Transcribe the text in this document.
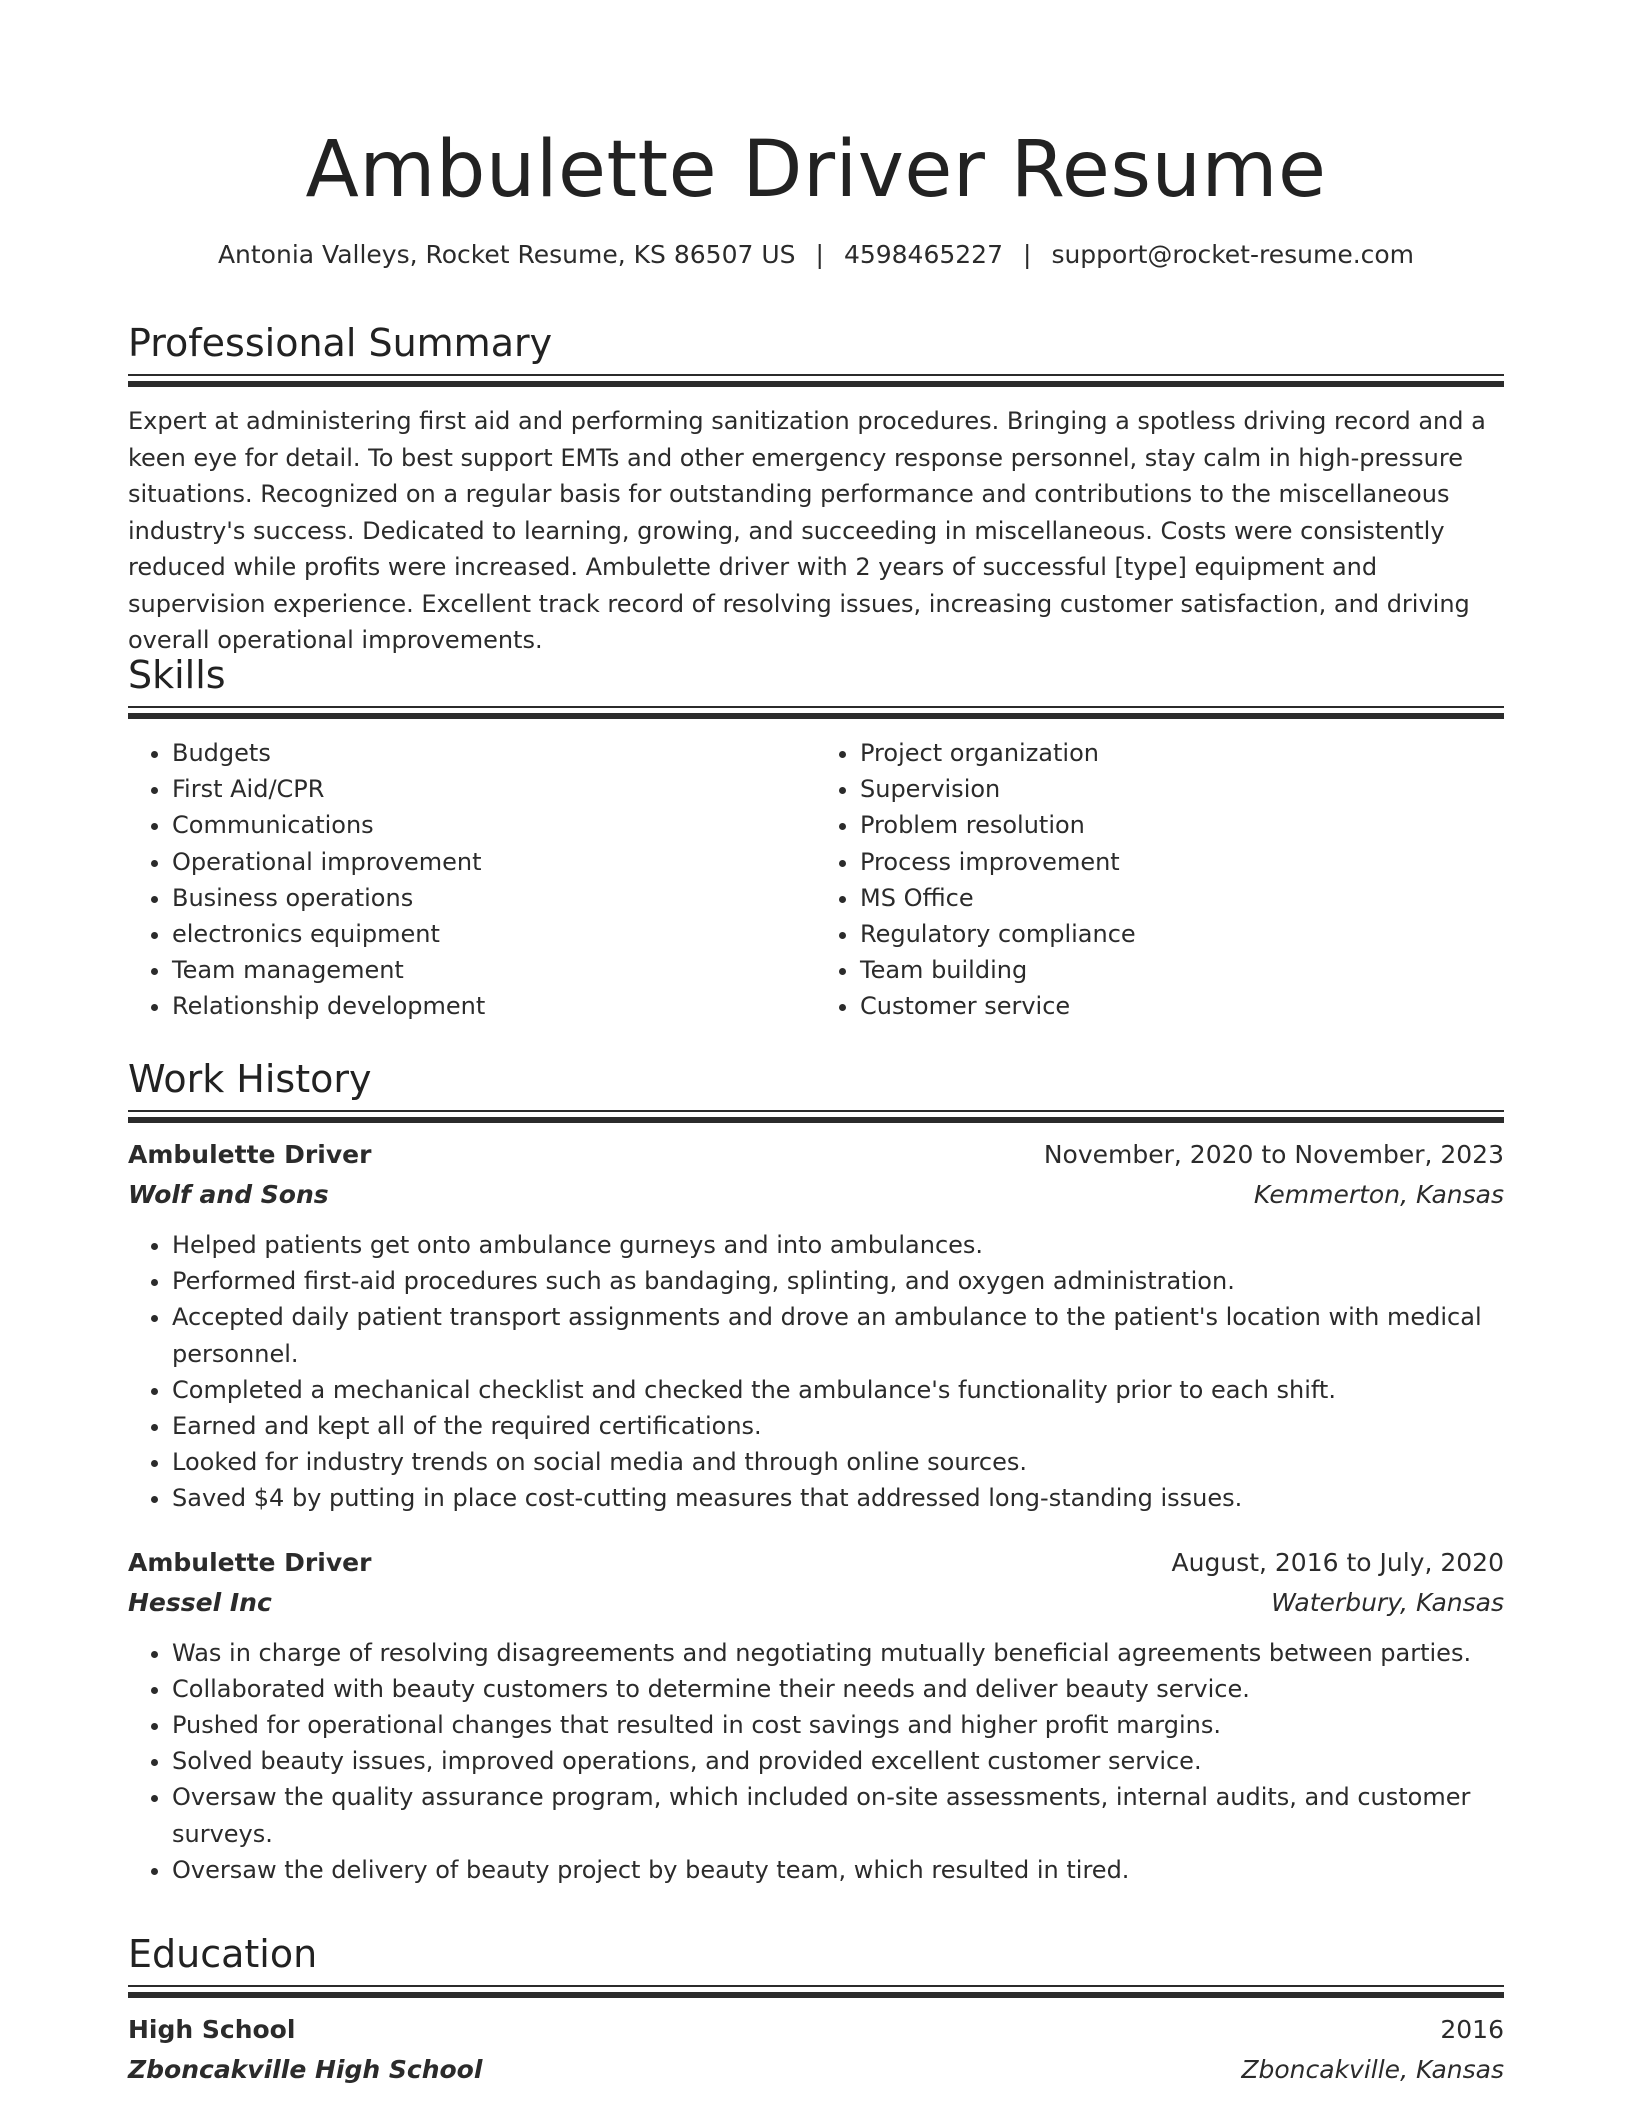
Ambulette Driver Resume
Antonia Valleys, Rocket Resume, KS 86507 US | 4598465227 | support@rocket-resume.com
Professional Summary

Expert at administering first aid and performing sanitization procedures. Bringing a spotless driving record and a keen eye for detail. To best support EMTs and other emergency response personnel, stay calm in high-pressure situations. Recognized on a regular basis for outstanding performance and contributions to the miscellaneous industry's success. Dedicated to learning, growing, and succeeding in miscellaneous. Costs were consistently reduced while profits were increased. Ambulette driver with 2 years of successful [type] equipment and supervision experience. Excellent track record of resolving issues, increasing customer satisfaction, and driving overall operational improvements.

Skills
• Budgets
• First Aid/CPR
• Communications
• Operational improvement
• Business operations
• electronics equipment
• Team management
• Relationship development
• Project organization
• Supervision
• Problem resolution
• Process improvement
• MS Office
• Regulatory compliance
• Team building
• Customer service
Work History
Ambulette Driver	November, 2020 to November, 2023
Wolf and Sons	Kemmerton, Kansas
• Helped patients get onto ambulance gurneys and into ambulances.
• Performed first-aid procedures such as bandaging, splinting, and oxygen administration.
• Accepted daily patient transport assignments and drove an ambulance to the patient's location with medical personnel.
• Completed a mechanical checklist and checked the ambulance's functionality prior to each shift.
• Earned and kept all of the required certifications.
• Looked for industry trends on social media and through online sources.
• Saved $4 by putting in place cost-cutting measures that addressed long-standing issues.
Ambulette Driver	August, 2016 to July, 2020
Hessel Inc	Waterbury, Kansas
• Was in charge of resolving disagreements and negotiating mutually beneficial agreements between parties.
• Collaborated with beauty customers to determine their needs and deliver beauty service.
• Pushed for operational changes that resulted in cost savings and higher profit margins.
• Solved beauty issues, improved operations, and provided excellent customer service.
• Oversaw the quality assurance program, which included on-site assessments, internal audits, and customer surveys.
• Oversaw the delivery of beauty project by beauty team, which resulted in tired.
Education
High School	2016
Zboncakville High School	Zboncakville, Kansas
